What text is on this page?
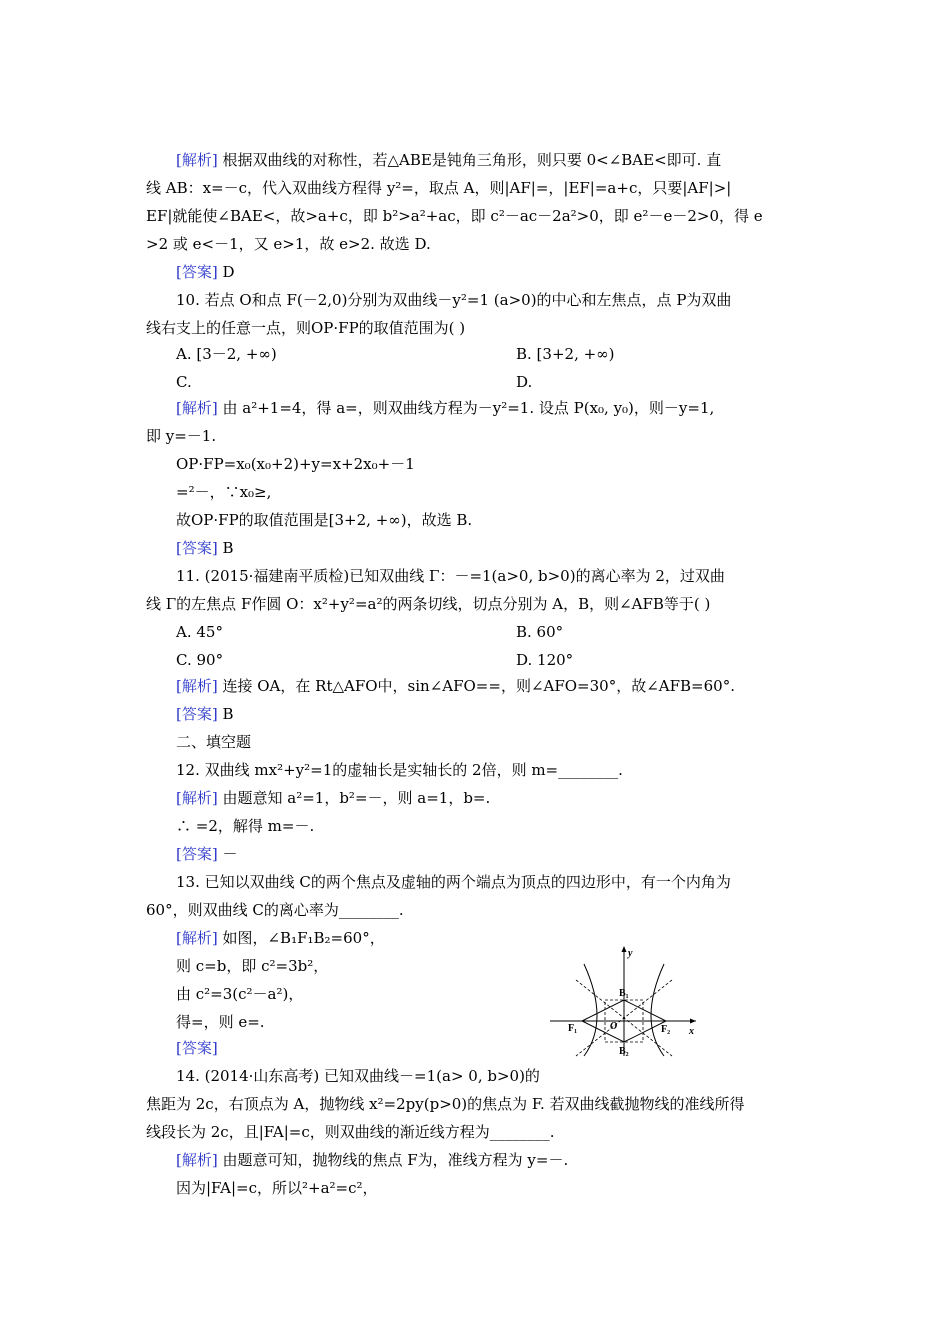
[解析] 根据双曲线的对称性，若△ABE是钝角三角形，则只要 0<∠BAE<即可. 直
线 AB：x=－c，代入双曲线方程得 y²=，取点 A，则|AF|=，|EF|=a+c，只要|AF|>|
EF|就能使∠BAE<，故>a+c，即 b²>a²+ac，即 c²－ac－2a²>0，即 e²－e－2>0，得 e
>2 或 e<－1，又 e>1，故 e>2. 故选 D.
[答案] D
10. 若点 O和点 F(－2,0)分别为双曲线－y²=1 (a>0)的中心和左焦点，点 P为双曲
线右支上的任意一点，则OP·FP的取值范围为( )
[解析] 由 a²+1=4，得 a=，则双曲线方程为－y²=1. 设点 P(x₀, y₀)，则－y=1,
即 y=－1.
OP·FP=x₀(x₀+2)+y=x+2x₀+－1
=²－，∵x₀≥,
故OP·FP的取值范围是[3+2, +∞)，故选 B.
[答案] B
11. (2015·福建南平质检)已知双曲线 Γ：－=1(a>0, b>0)的离心率为 2，过双曲
线 Γ的左焦点 F作圆 O：x²+y²=a²的两条切线，切点分别为 A，B，则∠AFB等于( )
[解析] 连接 OA，在 Rt△AFO中，sin∠AFO==，则∠AFO=30°，故∠AFB=60°.
[答案] B
二、填空题
12. 双曲线 mx²+y²=1的虚轴长是实轴长的 2倍，则 m=________.
[解析] 由题意知 a²=1，b²=－，则 a=1，b=.
∴ =2，解得 m=－.
[答案] －
13. 已知以双曲线 C的两个焦点及虚轴的两个端点为顶点的四边形中，有一个内角为
60°，则双曲线 C的离心率为________.
[解析] 如图，∠B₁F₁B₂=60°，
则 c=b，即 c²=3b²，
由 c²=3(c²－a²)，
得=，则 e=.
[答案]
14. (2014·山东高考) 已知双曲线－=1(a> 0, b>0)的
焦距为 2c，右顶点为 A，抛物线 x²=2py(p>0)的焦点为 F. 若双曲线截抛物线的准线所得
线段长为 2c，且|FA|=c，则双曲线的渐近线方程为________.
[解析] 由题意可知，抛物线的焦点 F为，准线方程为 y=－.
因为|FA|=c，所以²+a²=c²，
A. [3－2, +∞)	B. [3+2, +∞)
C.	D.
A. 45°	B. 60°
C. 90°	D. 120°
y
x
B₁
B₂
F₁	F₂
O
